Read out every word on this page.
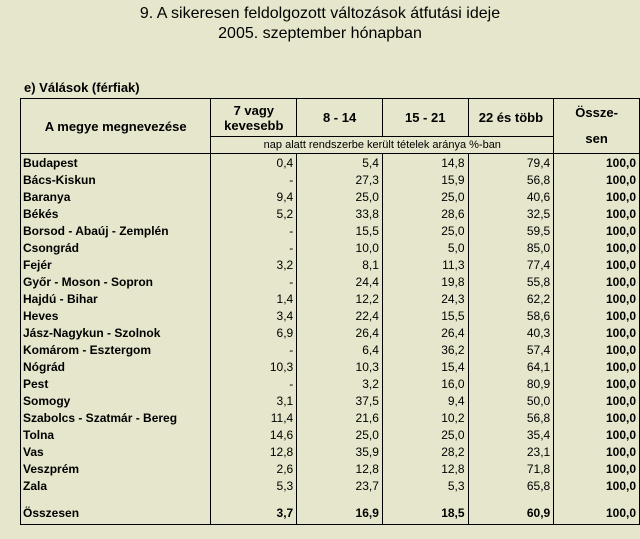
9. A sikeresen feldolgozott változások átfutási ideje
2005. szeptember hónapban
e) Válások (férfiak)
A megye megnevezése	7 vagy kevesebb	8 - 14	15 - 21	22 és több	Össze-
sen

	nap alatt rendszerbe került tételek aránya %-ban				
Budapest	0,4	5,4	14,8	79,4	100,0
Bács-Kiskun	-	27,3	15,9	56,8	100,0
Baranya	9,4	25,0	25,0	40,6	100,0
Békés	5,2	33,8	28,6	32,5	100,0
Borsod - Abaúj - Zemplén	-	15,5	25,0	59,5	100,0
Csongrád	-	10,0	5,0	85,0	100,0
Fejér	3,2	8,1	11,3	77,4	100,0
Győr - Moson - Sopron	-	24,4	19,8	55,8	100,0
Hajdú - Bihar	1,4	12,2	24,3	62,2	100,0
Heves	3,4	22,4	15,5	58,6	100,0
Jász-Nagykun - Szolnok	6,9	26,4	26,4	40,3	100,0
Komárom - Esztergom	-	6,4	36,2	57,4	100,0
Nógrád	10,3	10,3	15,4	64,1	100,0
Pest	-	3,2	16,0	80,9	100,0
Somogy	3,1	37,5	9,4	50,0	100,0
Szabolcs - Szatmár - Bereg	11,4	21,6	10,2	56,8	100,0
Tolna	14,6	25,0	25,0	35,4	100,0
Vas	12,8	35,9	28,2	23,1	100,0
Veszprém	2,6	12,8	12,8	71,8	100,0
Zala	5,3	23,7	5,3	65,8	100,0

Összesen	3,7	16,9	18,5	60,9	100,0
